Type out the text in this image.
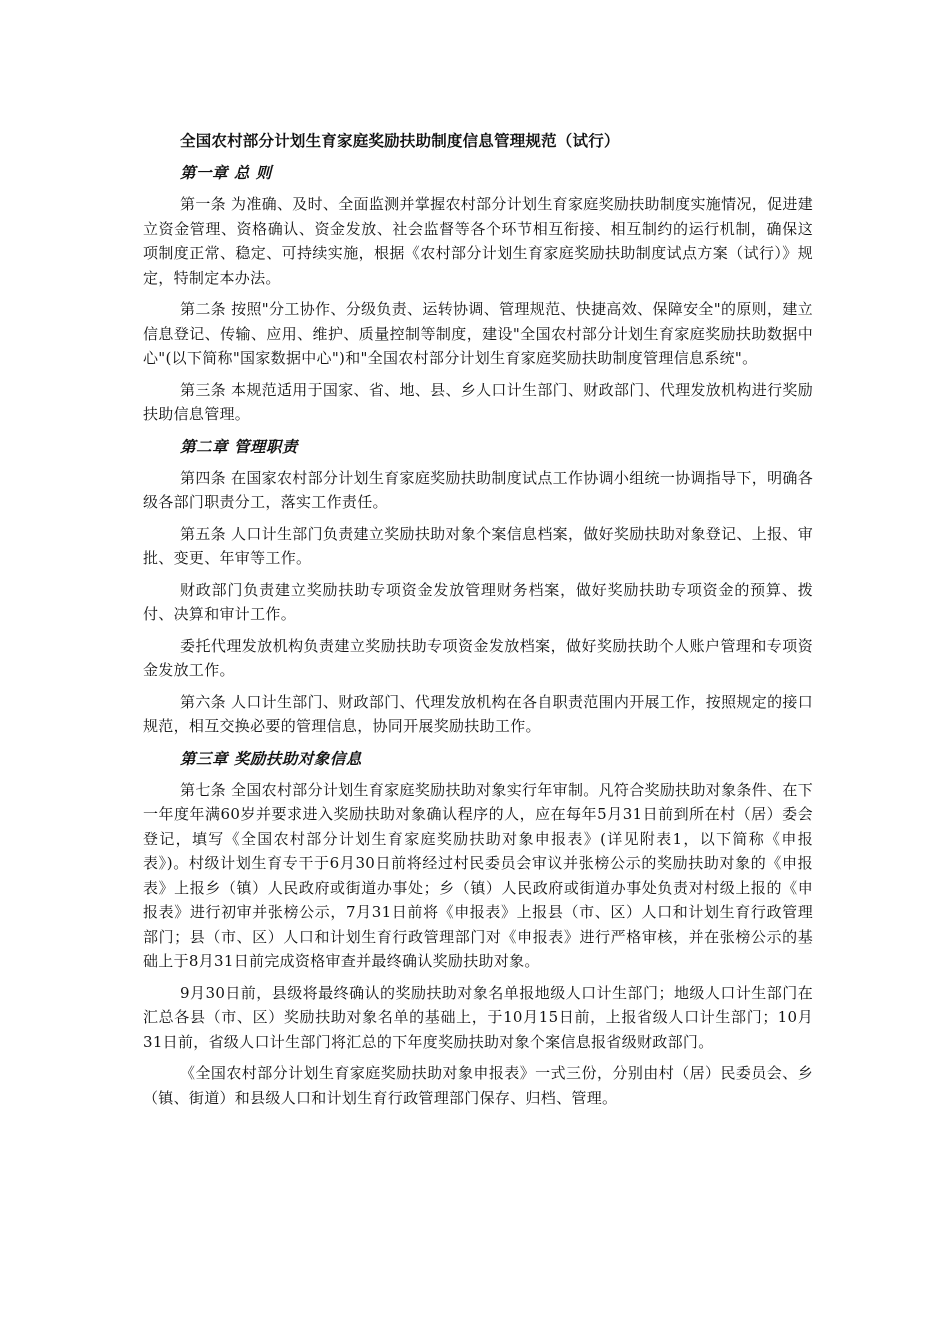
全国农村部分计划生育家庭奖励扶助制度信息管理规范（试行）
第一章 总 则

第一条 为准确、及时、全面监测并掌握农村部分计划生育家庭奖励扶助制度实施情况，促进建立资金管理、资格确认、资金发放、社会监督等各个环节相互衔接、相互制约的运行机制，确保这项制度正常、稳定、可持续实施，根据《农村部分计划生育家庭奖励扶助制度试点方案（试行）》规定，特制定本办法。

第二条 按照"分工协作、分级负责、运转协调、管理规范、快捷高效、保障安全"的原则，建立信息登记、传输、应用、维护、质量控制等制度，建设"全国农村部分计划生育家庭奖励扶助数据中心"(以下简称"国家数据中心")和"全国农村部分计划生育家庭奖励扶助制度管理信息系统"。

第三条 本规范适用于国家、省、地、县、乡人口计生部门、财政部门、代理发放机构进行奖励扶助信息管理。

第二章 管理职责

第四条 在国家农村部分计划生育家庭奖励扶助制度试点工作协调小组统一协调指导下，明确各级各部门职责分工，落实工作责任。

第五条 人口计生部门负责建立奖励扶助对象个案信息档案，做好奖励扶助对象登记、上报、审批、变更、年审等工作。

财政部门负责建立奖励扶助专项资金发放管理财务档案，做好奖励扶助专项资金的预算、拨付、决算和审计工作。

委托代理发放机构负责建立奖励扶助专项资金发放档案，做好奖励扶助个人账户管理和专项资金发放工作。

第六条 人口计生部门、财政部门、代理发放机构在各自职责范围内开展工作，按照规定的接口规范，相互交换必要的管理信息，协同开展奖励扶助工作。

第三章 奖励扶助对象信息

第七条 全国农村部分计划生育家庭奖励扶助对象实行年审制。凡符合奖励扶助对象条件、在下一年度年满60岁并要求进入奖励扶助对象确认程序的人，应在每年5月31日前到所在村（居）委会登记，填写《全国农村部分计划生育家庭奖励扶助对象申报表》(详见附表1，以下简称《申报表》)。村级计划生育专干于6月30日前将经过村民委员会审议并张榜公示的奖励扶助对象的《申报表》上报乡（镇）人民政府或街道办事处；乡（镇）人民政府或街道办事处负责对村级上报的《申报表》进行初审并张榜公示，7月31日前将《申报表》上报县（市、区）人口和计划生育行政管理部门；县（市、区）人口和计划生育行政管理部门对《申报表》进行严格审核，并在张榜公示的基础上于8月31日前完成资格审查并最终确认奖励扶助对象。

9月30日前，县级将最终确认的奖励扶助对象名单报地级人口计生部门；地级人口计生部门在汇总各县（市、区）奖励扶助对象名单的基础上，于10月15日前，上报省级人口计生部门；10月31日前，省级人口计生部门将汇总的下年度奖励扶助对象个案信息报省级财政部门。

《全国农村部分计划生育家庭奖励扶助对象申报表》一式三份，分别由村（居）民委员会、乡（镇、街道）和县级人口和计划生育行政管理部门保存、归档、管理。
